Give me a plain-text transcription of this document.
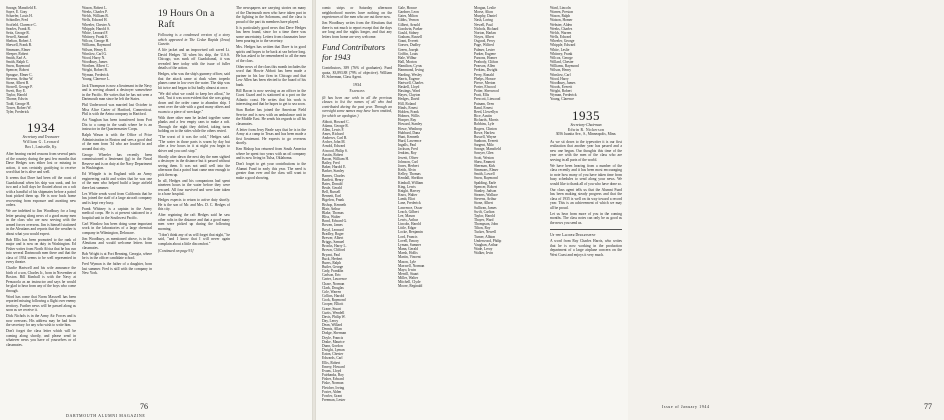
Savage, Mansfield E.
Sayre, E. Gray
Schaefer, Louis H.
Schindler, Fred
Scofield, Clarence C.
Searles, Frank R.
Seitz, George R.
Sewell, Samuel
Shelton, Robert J.
Shewell, Frank B.
Simmons, Elmer
Sleeper, Robert
Smith, Earl A.
Smith, Ralph C.
Snow, Raymond
Spencer, Robert
Sprague, Elmer C.
Stevens, Arthur W.
Stone, Albert B.
Stowell, George P.
Swett, Roy E.
Taylor, Harold
Thorne, Edwin
Todd, George H.
Tower, Robert W.
Tyler, Frederick
1934
Secretary and Treasurer
William G. Leonard
Box 1, Louisville, Ky.

After hearing varied reasons from several parts of the country during the past few months that Dave Hedges was either lost or missing in action, it was certainly gratifying to receive word that he is alive and well.

It seems that Dave had been off the coast of Guadalcanal when his ship was sunk, and for two and a half days he floated about on a raft with a handful of his shipmates before a patrol boat picked them up. He is now back home recovering from exposure and awaiting new orders.

We are indebted to Jim Woodbury for a long letter passing along news of a good many men in the class who are now serving with the armed forces overseas. Jim is himself stationed in the Aleutians and reports that the weather is about what you would expect.

Bob Ellis has been promoted to the rank of major and is now on duty in Washington. Ed Fisher writes from North Africa that he has run into several Dartmouth men there and that the class of 1934 seems to be well represented in every theatre.

Charlie Hartwell and his wife announce the birth of a son, Charles Jr., born in November at Boston. Bill Kimball is with the Navy at Pensacola as an instructor and says he would be glad to hear from any of the boys who come through.

Word has come that Norm Maxwell has been reported missing following a flight over enemy territory. Further news will be passed along as soon as we receive it.

Dick Nichols is in the Army Air Forces and is now overseas. His address may be had from the secretary for any who wish to write him.

Don't forget the class letter which will be coming along shortly, and please send in whatever news you have of yourselves or of classmates.

Wason, Robert L.
Weeks, Charles P.
Welch, William B.
Wells, Edward H.
Wheeler, Chester A.
Whipple, Harold S.
White, Leonard F.
Whitney, Frank E.
Wilcox, George H.
Williams, Raymond
Wilson, Henry E.
Winslow, Carl G.
Wood, Harry N.
Woodbury, James
Worthen, Albert C.
Wright, Robert B.
Wyman, Frederick
Young, Clarence L.

Jack Thompson is now a lieutenant in the Navy and is serving aboard a destroyer somewhere in the Pacific. He writes that he has not seen a Dartmouth man since he left the States.

Phil Underwood was married last October to Miss Alice Carter of Hartford, Connecticut. Phil is with the Aetna company in Hartford.

Art Vaughan has been transferred from Fort Dix to a camp in the south where he is an instructor in the Quartermaster Corps.

Ralph Wason is with the Office of Price Administration in Boston and sees a good deal of the men from '34 who are located in and around that city.

George Wheeler has recently been commissioned a lieutenant (jg) in the Naval Reserve and is on duty at the Navy Department in Washington.

Ed Whipple is in England with an Army engineering outfit and writes that he was one of the men who helped build a large airfield there last summer.

Les White sends word from California that he has joined the staff of a large aircraft company and is kept very busy.

Frank Whitney is a captain in the Army medical corps. He is at present stationed in a hospital unit in the Southwest Pacific.

Carl Winslow has been doing some important work in the laboratories of a large chemical company in Wilmington, Delaware.

Jim Woodbury, as mentioned above, is in the Aleutians and would welcome letters from classmates.

Bob Wright is at Fort Benning, Georgia, where he is in the officer candidate school.

Fred Wyman is the father of a daughter, born last summer. Fred is still with the company in New York.

19 Hours On a Raft

Following is a condensed version of a story which appeared in The Cedar Rapids (Iowa) Gazette.

A life jacket and an improvised raft saved Lt. David Hedges '34 when his ship, the U.S.S. Chicago, was sunk off Guadalcanal, it was revealed here today with the issue of fuller details of the action.

Hedges, who was the ship's gunnery officer, said that the attack came at dusk when torpedo planes came in low over the water. The ship was hit twice and began to list badly almost at once.

"We did what we could to keep her afloat," he said, "but it was soon evident that she was going down and the order came to abandon ship. I went over the side with a good many others and swam to a piece of wreckage."

With three other men he lashed together some planks and a few empty cans to make a raft. Through the night they drifted, taking turns holding on to the sides while the others rested.

"The worst of it was the cold," Hedges said. "The water in those parts is warm by day but after a few hours in it at night you begin to shiver and you can't stop."

Shortly after dawn the next day the men sighted a destroyer in the distance but it passed without seeing them. It was not until well into the afternoon that a patrol boat came near enough to pick them up.

In all, Hedges and his companions had spent nineteen hours in the water before they were rescued. All four survived and were later taken to a base hospital.

Hedges expects to return to active duty shortly. He is the son of Mr. and Mrs. D. C. Hedges of this city.

After regaining the raft Hedges said he saw other rafts in the distance and that a good many men were picked up during the following morning.

"I don't think any of us will forget that night," he said, "and I know that I will never again complain about a little discomfort."

[Continued on page 91]

The newspapers are carrying stories on many of the Dartmouth men who have taken part in the fighting in the Solomons, and the class is proud of the part its members have played.

It is particularly good news that Dave Hedges has been found, since for a time there was some uncertainty. Letters from classmates have been pouring in to the secretary.

Mrs. Hedges has written that Dave is in good spirits and hopes to be back at sea before long. He has asked to be remembered to all the men of the class.

Other news of the class this month includes the word that Howie Abbott has been made a partner in his law firm in Chicago and that Lew Allen has been elected to the board of his bank.

Bill Bacon is now serving as an officer in the Coast Guard and is stationed at a port on the Atlantic coast. He writes that his work is interesting and that he hopes to get to sea soon.

Stan Barker has joined the American Field Service and is now with an ambulance unit in the Middle East. He sends his regards to all his classmates.

A letter from Jerry Beale says that he is in the Army at a camp in Texas and has been made a first lieutenant. He expects to go overseas shortly.

Ken Bishop has returned from South America where he spent two years with an oil company and is now living in Tulsa, Oklahoma.

Don't forget to get your contributions to the Alumni Fund in early this year. The need is greater than ever and the class will want to make a good showing.

76
DARTMOUTH ALUMNI MAGAZINE

comic strips or Saturday afternoon neighborhood movies have nothing on the experiences of the men who are out there now.

Jim Woodbury writes from the Aleutians that there is not much to report except that the days are long and the nights longer, and that any letters from home are very welcome.

Fund Contributors for 1943

Contributors, 389 (76% of graduates). Fund quota, $3,893.88 (79% of objective). William H. Scherman, Class Agent.

1934
Fashions

(It has been our wish in all the previous classes to list the names of all who had contributed during the past year. Through an oversight some names may have been omitted, for which we apologize.)

Abbott, Howard C.
Adams, George R.
Allen, Lewis F.
Ames, Richard
Andrews, Carl B.
Archer, John M.
Arnold, Edward
Atwood, Philip S.
Austin, Robert
Bacon, William H.
Bailey, Fred
Baker, Harold E.
Barker, Stanley
Barnes, Charles
Bartlett, Henry
Bates, Donald
Beale, Gerald
Bell, Russell
Bennett, Earl
Bigelow, Frank
Bishop, Kenneth
Blair, Arthur
Blake, Thomas
Bliss, Walter
Bond, Edward G.
Bowen, James
Boyd, Leonard
Bradley, Roger
Brewer, Albert
Briggs, Samuel
Brooks, Harry L.
Brown, Clifford
Bryant, Paul
Buck, Herbert
Burns, Ralph
Butler, George
Cady, Franklin
Carlson, Eric
Carter, Lawrence
Chase, Norman
Clark, Douglas
Cole, Warren
Collins, Harold
Cook, Raymond
Cooper, Elliott
Crane, Stuart
Curtis, Wendell
Davis, Philip W.
Day, Leroy
Dean, Willard
Dennis, Allan
Dodge, Sherman
Doyle, Francis
Drake, Maurice
Dunn, Gordon
Dwight, Lyman
Eaton, Chester
Edwards, Carl
Ellis, Robert
Emery, Howard
Evans, Lloyd
Fairbanks, Roy
Fisher, Edward
Fiske, Norman
Fletcher, Irving
Foster, Alden
Fowler, Grant
Freeman, Lester
Gale, Horace
Gardner, Leon
Gates, Milton
Gibbs, Vernon
Gilbert, Arnold
Goodwin, Parker
Gould, Sidney
Graham, Russell
Grant, Everett
Graves, Dudley
Green, Joseph
Griffin, Louis
Hale, Wilbur
Hall, Morton
Hamilton, Cyrus
Hammond, Irving
Harding, Wesley
Harris, Eugene
Hartwell, Charles
Haskell, Lloyd
Hastings, Ward
Hayes, Clayton
Hedges, David
Hill, Roland
Hinds, Ernest
Holden, Frank
Holmes, Willis
Hooper, Ray
Howard, Stanley
Howe, Winthrop
Hubbard, Dana
Hunt, Kenneth
Hurd, Lawrence
Ingalls, Paul
Jackson, Fred
Jenkins, Roy
Jewett, Oliver
Johnson, Carl
Jones, Herbert
Keith, Alvin
Kelley, Thomas
Kendall, Sheldon
Kimball, William
King, Lewis
Knight, Harvey
Knox, Walter
Lamb, Eliot
Lane, Frederick
Lawrence, Oscar
Leach, Gilbert
Lee, Mason
Lewis, Arthur
Lincoln, Harold
Little, Edgar
Locke, Benjamin
Lord, Francis
Lovell, Emory
Lyman, Sumner
Mann, Gerald
Marsh, Hollis
Martin, Vincent
Mason, Lyle
Maxwell, Norman
Mayo, Irwin
Merrill, Stuart
Miller, Walter
Mitchell, Clyde
Moore, Reginald
Morgan, Leslie
Morse, Alton
Murphy, Daniel
Nash, Loring
Newell, Paul
Nichols, Richard
Norton, Harlan
Noyes, Albert
Osgood, Percy
Page, Wilfred
Palmer, Lester
Parker, Eugene
Parsons, Homer
Peabody, Clifton
Pearson, Allen
Perkins, Dwight
Perry, Ronald
Phelps, Horace
Pierce, Merton
Porter, Elwood
Potter, Sherwood
Pratt, Ellis
Prescott, Linwood
Putnam, Oren
Rand, Ernest
Reed, Llewellyn
Rice, Austin
Richards, Morris
Robbins, Lyle
Rogers, Clinton
Rowe, Harlow
Russell, Wayne
Sanborn, Everett
Sargent, Milo
Savage, Mansfield
Sawyer, Glen
Scott, Weston
Shaw, Emmett
Sherman, Kirk
Simmons, Elmer
Smith, Lowell
Snow, Raymond
Spalding, Earle
Spencer, Robert
Stanley, Judson
Stearns, Wallace
Stevens, Arthur
Stone, Albert
Sullivan, James
Swift, Carlton
Taylor, Harold
Thayer, Ward
Thompson, John
Tilton, Roy
Tucker, Newell
Turner, Albion
Underwood, Philip
Vaughan, Arthur
Wade, Leroy
Walker, Irvin
Ward, Lincoln
Warren, Preston
Wason, Ralph
Watson, Homer
Webster, Alden
Weeks, Charles
Welch, Warren
Wells, Edward
Wheeler, George
Whipple, Edward
White, Leslie
Whitney, Frank
Wilcox, George
Willard, Chester
Williams, Raymond
Wilson, Henry
Winslow, Carl
Wood, Harry
Woodbury, James
Woods, Everett
Wright, Robert
Wyman, Frederick
Young, Clarence
1935
Secretary-Chairman
Edwin R. Nickerson
3056 Juanita Ave., S., Minneapolis, Minn.

As we sit down to the typewriter it is our first realization that another year has passed and a new one begun. Our thoughts this time of the year are with the men of the class who are serving in all parts of the world.

We have been hearing from a number of the class recently and it has been most encouraging to note how many of you have taken time from busy schedules to send along your news. We would like to thank all of you who have done so.

Our class agent tells us that the Alumni Fund has been making steady progress and that the class of 1935 is well on its way toward a record year. This is an achievement of which we may all be proud.

Let us hear from more of you in the coming months. The class notes can only be as good as the news you send us.

Up the Ladder Department

A word from Ray Charles Harris, who writes that he is now working in the production department of a large airplane concern on the West Coast and enjoys it very much.

Issue of January 1944	77
